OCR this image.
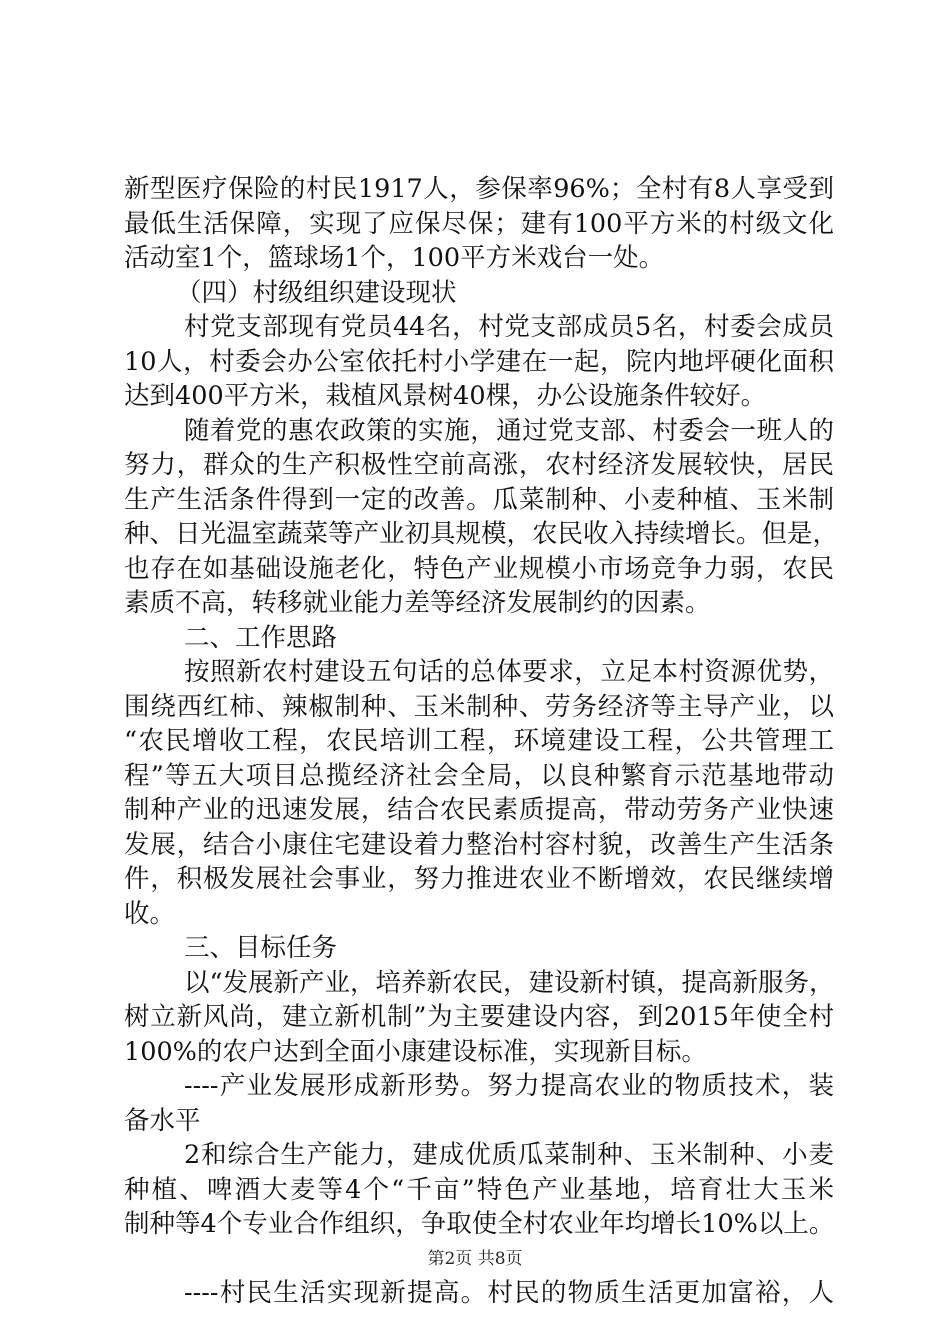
新型医疗保险的村民1917人，参保率96%；全村有8人享受到
最低生活保障，实现了应保尽保；建有100平方米的村级文化
活动室1个，篮球场1个，100平方米戏台一处。
（四）村级组织建设现状
村党支部现有党员44名，村党支部成员5名，村委会成员
10人，村委会办公室依托村小学建在一起，院内地坪硬化面积
达到400平方米，栽植风景树40棵，办公设施条件较好。
随着党的惠农政策的实施，通过党支部、村委会一班人的
努力，群众的生产积极性空前高涨，农村经济发展较快，居民
生产生活条件得到一定的改善。瓜菜制种、小麦种植、玉米制
种、日光温室蔬菜等产业初具规模，农民收入持续增长。但是，
也存在如基础设施老化，特色产业规模小市场竞争力弱，农民
素质不高，转移就业能力差等经济发展制约的因素。
二、工作思路
按照新农村建设五句话的总体要求，立足本村资源优势，
围绕西红柿、辣椒制种、玉米制种、劳务经济等主导产业，以
“农民增收工程，农民培训工程，环境建设工程，公共管理工
程”等五大项目总揽经济社会全局，以良种繁育示范基地带动
制种产业的迅速发展，结合农民素质提高，带动劳务产业快速
发展，结合小康住宅建设着力整治村容村貌，改善生产生活条
件，积极发展社会事业，努力推进农业不断增效，农民继续增
收。
三、目标任务
以“发展新产业，培养新农民，建设新村镇，提高新服务，
树立新风尚，建立新机制”为主要建设内容，到2015年使全村
100%的农户达到全面小康建设标准，实现新目标。
----产业发展形成新形势。努力提高农业的物质技术，装
备水平
2和综合生产能力，建成优质瓜菜制种、玉米制种、小麦
种植、啤酒大麦等4个“千亩”特色产业基地，培育壮大玉米
制种等4个专业合作组织，争取使全村农业年均增长10%以上。
----村民生活实现新提高。村民的物质生活更加富裕，人
第2页 共8页
